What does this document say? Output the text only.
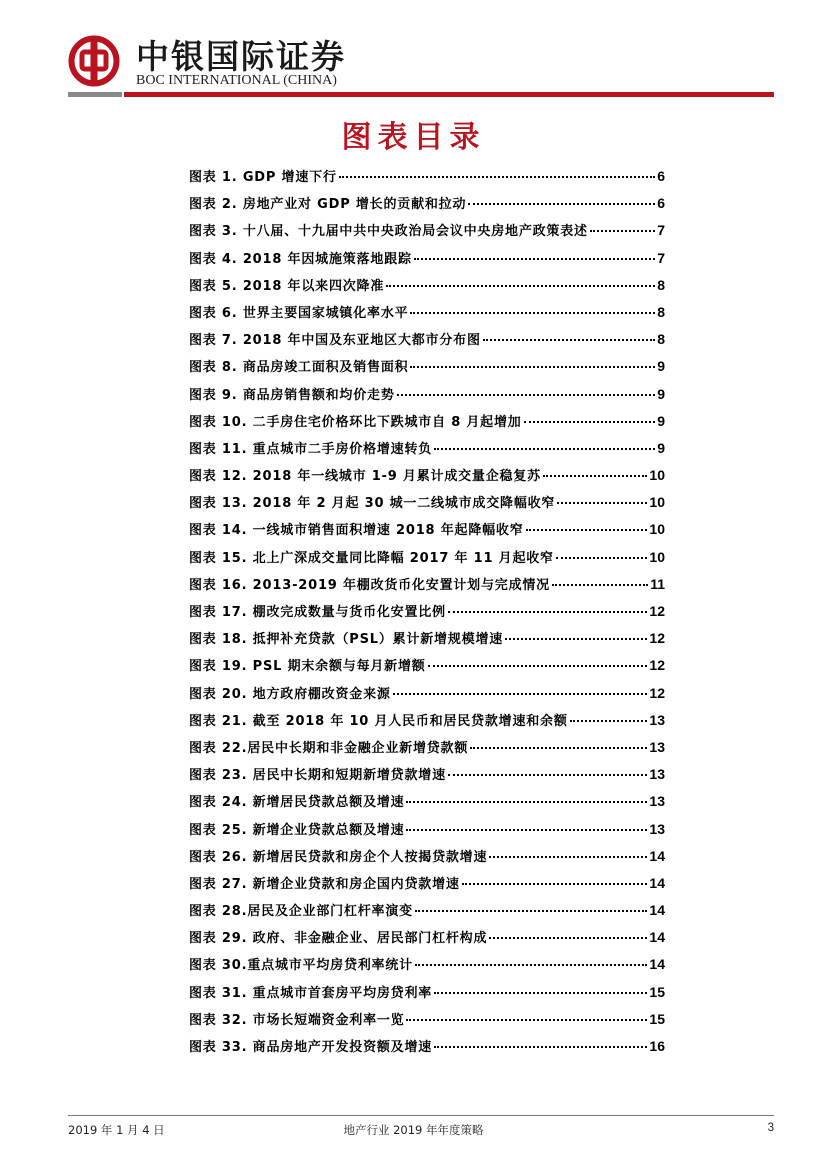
中银国际证券
BOC INTERNATIONAL (CHINA)
图表目录
图表 1. GDP 增速下行	6
图表 2. 房地产业对 GDP 增长的贡献和拉动	6
图表 3. 十八届、十九届中共中央政治局会议中央房地产政策表述	7
图表 4. 2018 年因城施策落地跟踪	7
图表 5. 2018 年以来四次降准	8
图表 6. 世界主要国家城镇化率水平	8
图表 7. 2018 年中国及东亚地区大都市分布图	8
图表 8. 商品房竣工面积及销售面积	9
图表 9. 商品房销售额和均价走势	9
图表 10. 二手房住宅价格环比下跌城市自 8 月起增加	9
图表 11. 重点城市二手房价格增速转负	9
图表 12. 2018 年一线城市 1-9 月累计成交量企稳复苏	10
图表 13. 2018 年 2 月起 30 城一二线城市成交降幅收窄	10
图表 14. 一线城市销售面积增速 2018 年起降幅收窄	10
图表 15. 北上广深成交量同比降幅 2017 年 11 月起收窄	10
图表 16. 2013-2019 年棚改货币化安置计划与完成情况	11
图表 17. 棚改完成数量与货币化安置比例	12
图表 18. 抵押补充贷款（PSL）累计新增规模增速	12
图表 19. PSL 期末余额与每月新增额	12
图表 20. 地方政府棚改资金来源	12
图表 21. 截至 2018 年 10 月人民币和居民贷款增速和余额	13
图表 22.居民中长期和非金融企业新增贷款额	13
图表 23. 居民中长期和短期新增贷款增速	13
图表 24. 新增居民贷款总额及增速	13
图表 25. 新增企业贷款总额及增速	13
图表 26. 新增居民贷款和房企个人按揭贷款增速	14
图表 27. 新增企业贷款和房企国内贷款增速	14
图表 28.居民及企业部门杠杆率演变	14
图表 29. 政府、非金融企业、居民部门杠杆构成	14
图表 30.重点城市平均房贷利率统计	14
图表 31. 重点城市首套房平均房贷利率	15
图表 32. 市场长短端资金利率一览	15
图表 33. 商品房地产开发投资额及增速	16
2019 年 1 月 4 日	地产行业 2019 年年度策略	3
